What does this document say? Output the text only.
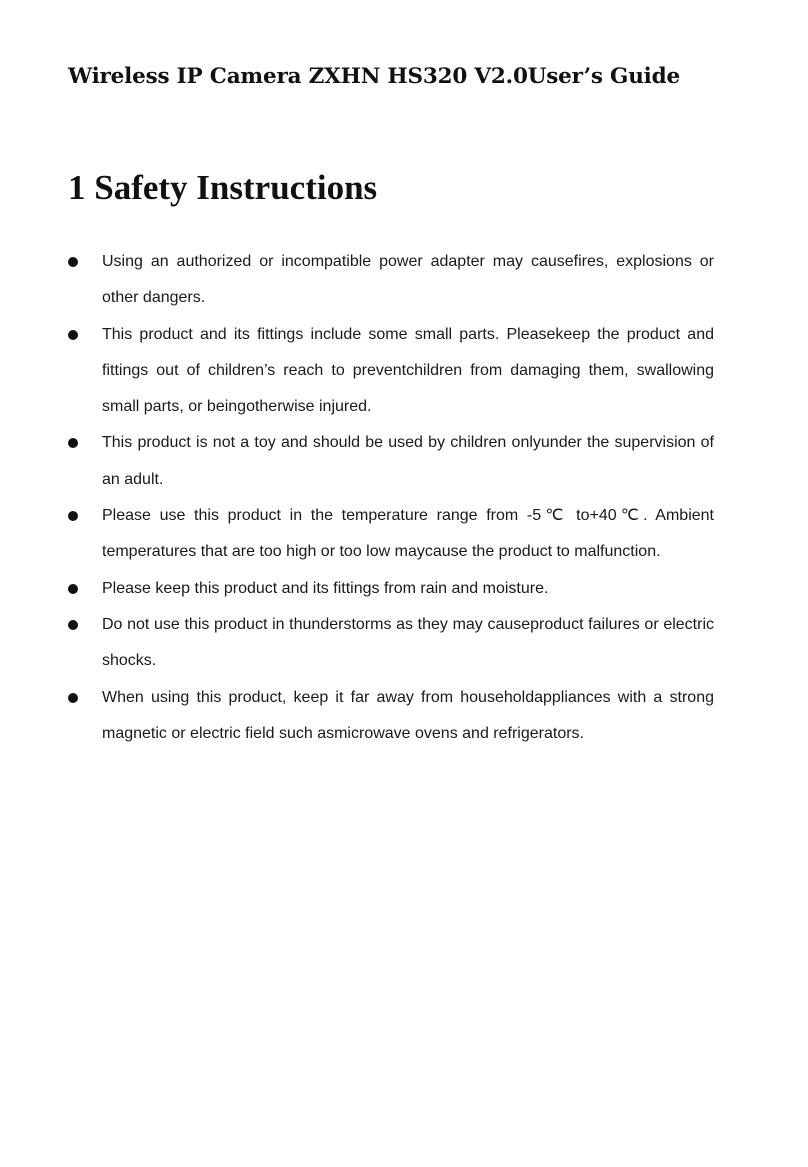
Wireless IP Camera ZXHN HS320 V2.0User’s Guide
1 Safety Instructions
Using an authorized or incompatible power adapter may causefires, explosions or other dangers.
This product and its fittings include some small parts. Pleasekeep the product and fittings out of children’s reach to preventchildren from damaging them, swallowing small parts, or beingotherwise injured.
This product is not a toy and should be used by children onlyunder the supervision of an adult.
Please use this product in the temperature range from -5℃ to+40℃. Ambient temperatures that are too high or too low maycause the product to malfunction.
Please keep this product and its fittings from rain and moisture.
Do not use this product in thunderstorms as they may causeproduct failures or electric shocks.
When using this product, keep it far away from householdappliances with a strong magnetic or electric field such asmicrowave ovens and refrigerators.
